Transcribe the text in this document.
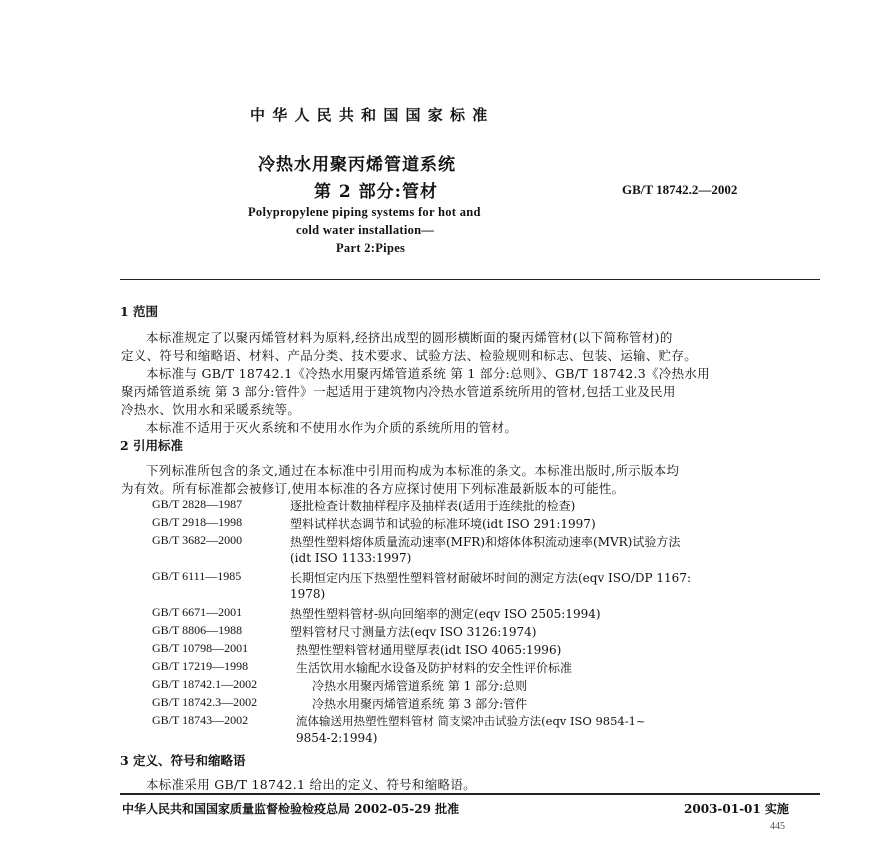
中 华 人 民 共 和 国 国 家 标 准
冷热水用聚丙烯管道系统
第 2 部分:管材	GB/T 18742.2—2002
Polypropylene piping systems for hot and
cold water installation—
Part 2:Pipes
1 范围
本标准规定了以聚丙烯管材料为原料,经挤出成型的圆形横断面的聚丙烯管材(以下简称管材)的
定义、符号和缩略语、材料、产品分类、技术要求、试验方法、检验规则和标志、包装、运输、贮存。
本标准与 GB/T 18742.1《冷热水用聚丙烯管道系统 第 1 部分:总则》、GB/T 18742.3《冷热水用
聚丙烯管道系统 第 3 部分:管件》一起适用于建筑物内冷热水管道系统所用的管材,包括工业及民用
冷热水、饮用水和采暖系统等。
本标准不适用于灭火系统和不使用水作为介质的系统所用的管材。
2 引用标准
下列标准所包含的条文,通过在本标准中引用而构成为本标准的条文。本标准出版时,所示版本均
为有效。所有标准都会被修订,使用本标准的各方应探讨使用下列标准最新版本的可能性。
GB/T 2828—1987	逐批检查计数抽样程序及抽样表(适用于连续批的检查)
GB/T 2918—1998	塑料试样状态调节和试验的标准环境(idt ISO 291:1997)
GB/T 3682—2000	热塑性塑料熔体质量流动速率(MFR)和熔体体积流动速率(MVR)试验方法
(idt ISO 1133:1997)
GB/T 6111—1985	长期恒定内压下热塑性塑料管材耐破坏时间的测定方法(eqv ISO/DP 1167:
1978)
GB/T 6671—2001	热塑性塑料管材-纵向回缩率的测定(eqv ISO 2505:1994)
GB/T 8806—1988	塑料管材尺寸测量方法(eqv ISO 3126:1974)
GB/T 10798—2001	热塑性塑料管材通用壁厚表(idt ISO 4065:1996)
GB/T 17219—1998	生活饮用水输配水设备及防护材料的安全性评价标准
GB/T 18742.1—2002	冷热水用聚丙烯管道系统 第 1 部分:总则
GB/T 18742.3—2002	冷热水用聚丙烯管道系统 第 3 部分:管件
GB/T 18743—2002	流体输送用热塑性塑料管材 简支梁冲击试验方法(eqv ISO 9854-1~
9854-2:1994)
3 定义、符号和缩略语
本标准采用 GB/T 18742.1 给出的定义、符号和缩略语。
中华人民共和国国家质量监督检验检疫总局 2002-05-29 批准	2003-01-01 实施
445
